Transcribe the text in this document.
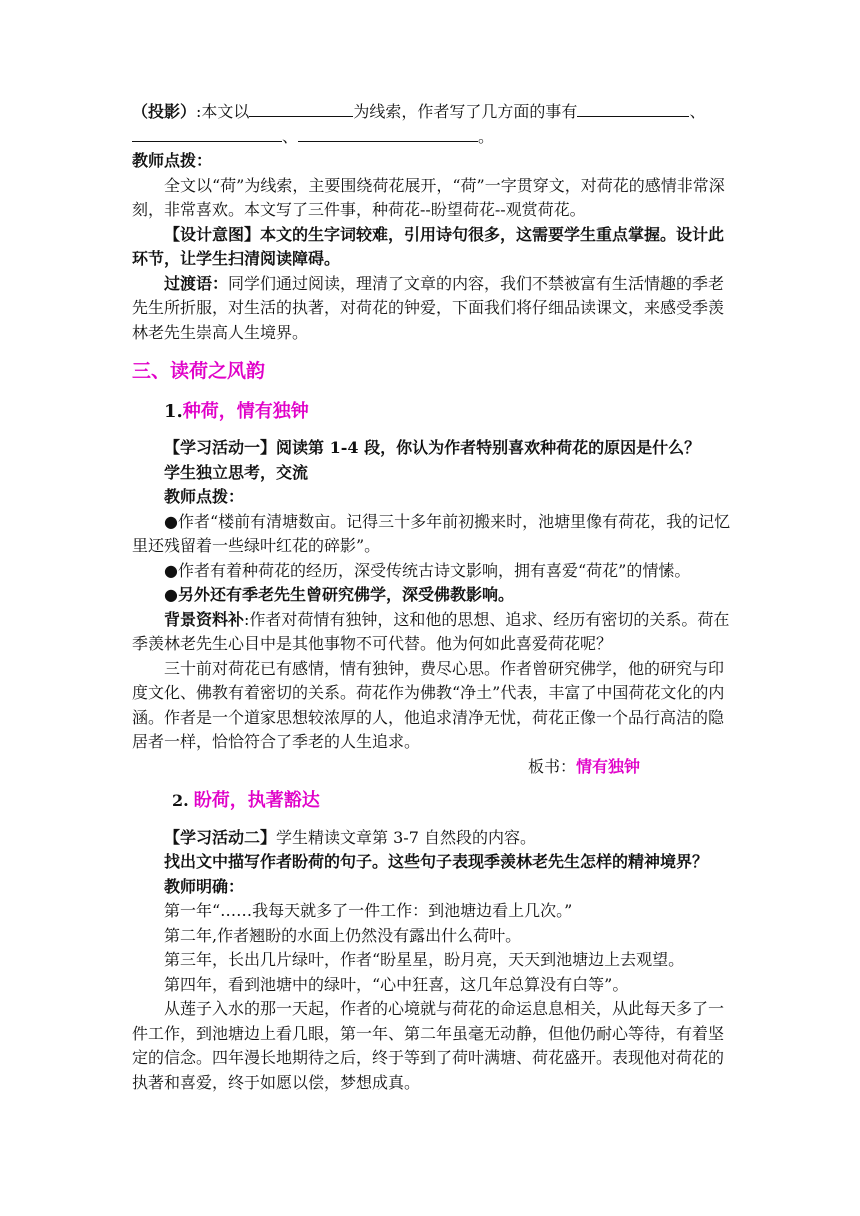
（投影）:本文以	为线索，作者写了几方面的事有	、

、	。

教师点拨：

全文以“荷”为线索，主要围绕荷花展开，“荷”一字贯穿文，对荷花的感情非常深刻，非常喜欢。本文写了三件事，种荷花--盼望荷花--观赏荷花。

【设计意图】本文的生字词较难，引用诗句很多，这需要学生重点掌握。设计此环节，让学生扫清阅读障碍。

过渡语：同学们通过阅读，理清了文章的内容，我们不禁被富有生活情趣的季老先生所折服，对生活的执著，对荷花的钟爱，下面我们将仔细品读课文，来感受季羡林老先生崇高人生境界。

三、读荷之风韵

1.种荷，情有独钟

【学习活动一】阅读第 1-4 段，你认为作者特别喜欢种荷花的原因是什么？

学生独立思考，交流

教师点拨：

●作者“楼前有清塘数亩。记得三十多年前初搬来时，池塘里像有荷花，我的记忆里还残留着一些绿叶红花的碎影”。

●作者有着种荷花的经历，深受传统古诗文影响，拥有喜爱“荷花”的情愫。

●另外还有季老先生曾研究佛学，深受佛教影响。

背景资料补:作者对荷情有独钟，这和他的思想、追求、经历有密切的关系。荷在季羡林老先生心目中是其他事物不可代替。他为何如此喜爱荷花呢？

三十前对荷花已有感情，情有独钟，费尽心思。作者曾研究佛学，他的研究与印度文化、佛教有着密切的关系。荷花作为佛教“净土”代表，丰富了中国荷花文化的内涵。作者是一个道家思想较浓厚的人，他追求清净无忧，荷花正像一个品行高洁的隐居者一样，恰恰符合了季老的人生追求。

板书：情有独钟

2. 盼荷，执著豁达

【学习活动二】学生精读文章第 3-7 自然段的内容。

找出文中描写作者盼荷的句子。这些句子表现季羡林老先生怎样的精神境界？

教师明确：

第一年“……我每天就多了一件工作：到池塘边看上几次。”

第二年,作者翘盼的水面上仍然没有露出什么荷叶。

第三年，长出几片绿叶，作者“盼星星，盼月亮，天天到池塘边上去观望。

第四年，看到池塘中的绿叶，“心中狂喜，这几年总算没有白等”。

从莲子入水的那一天起，作者的心境就与荷花的命运息息相关，从此每天多了一件工作，到池塘边上看几眼，第一年、第二年虽毫无动静，但他仍耐心等待，有着坚定的信念。四年漫长地期待之后，终于等到了荷叶满塘、荷花盛开。表现他对荷花的执著和喜爱，终于如愿以偿，梦想成真。
